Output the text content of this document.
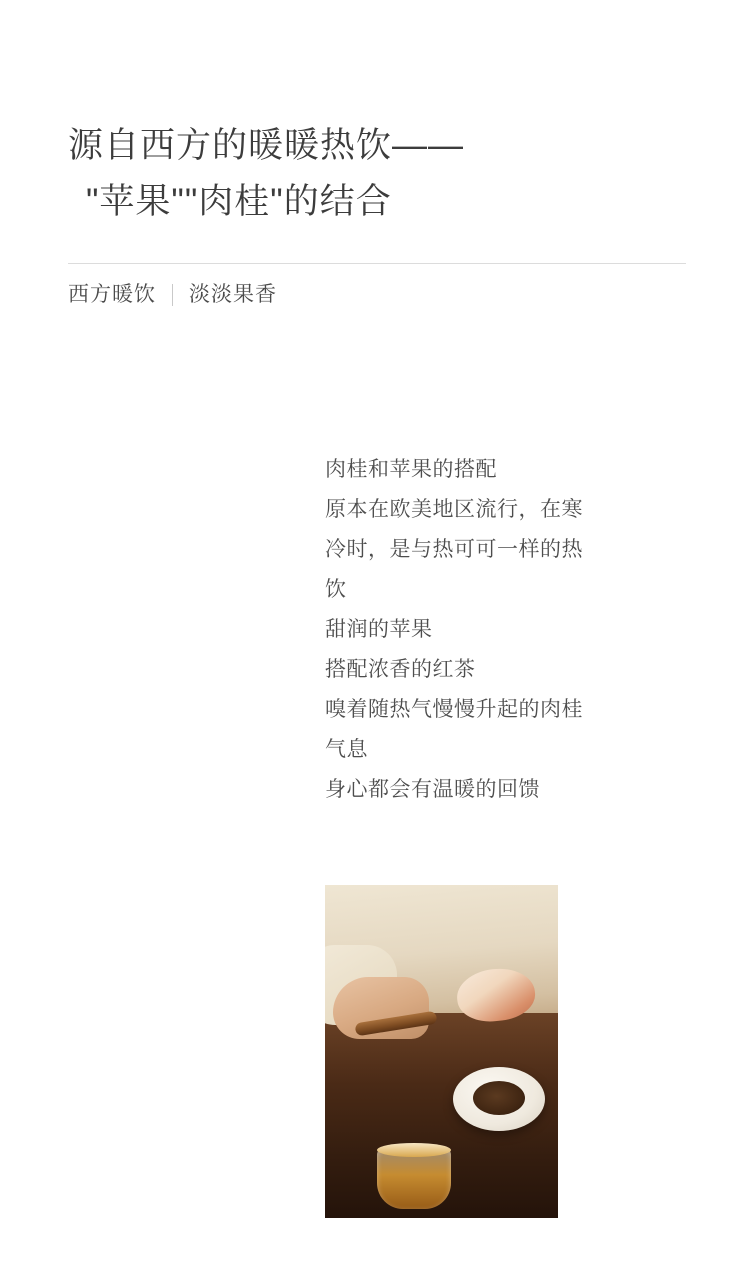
源自西方的暖暖热饮——
"苹果""肉桂"的结合
西方暖饮 淡淡果香

肉桂和苹果的搭配

原本在欧美地区流行，在寒

冷时，是与热可可一样的热

饮

甜润的苹果

搭配浓香的红茶

嗅着随热气慢慢升起的肉桂

气息

身心都会有温暖的回馈
